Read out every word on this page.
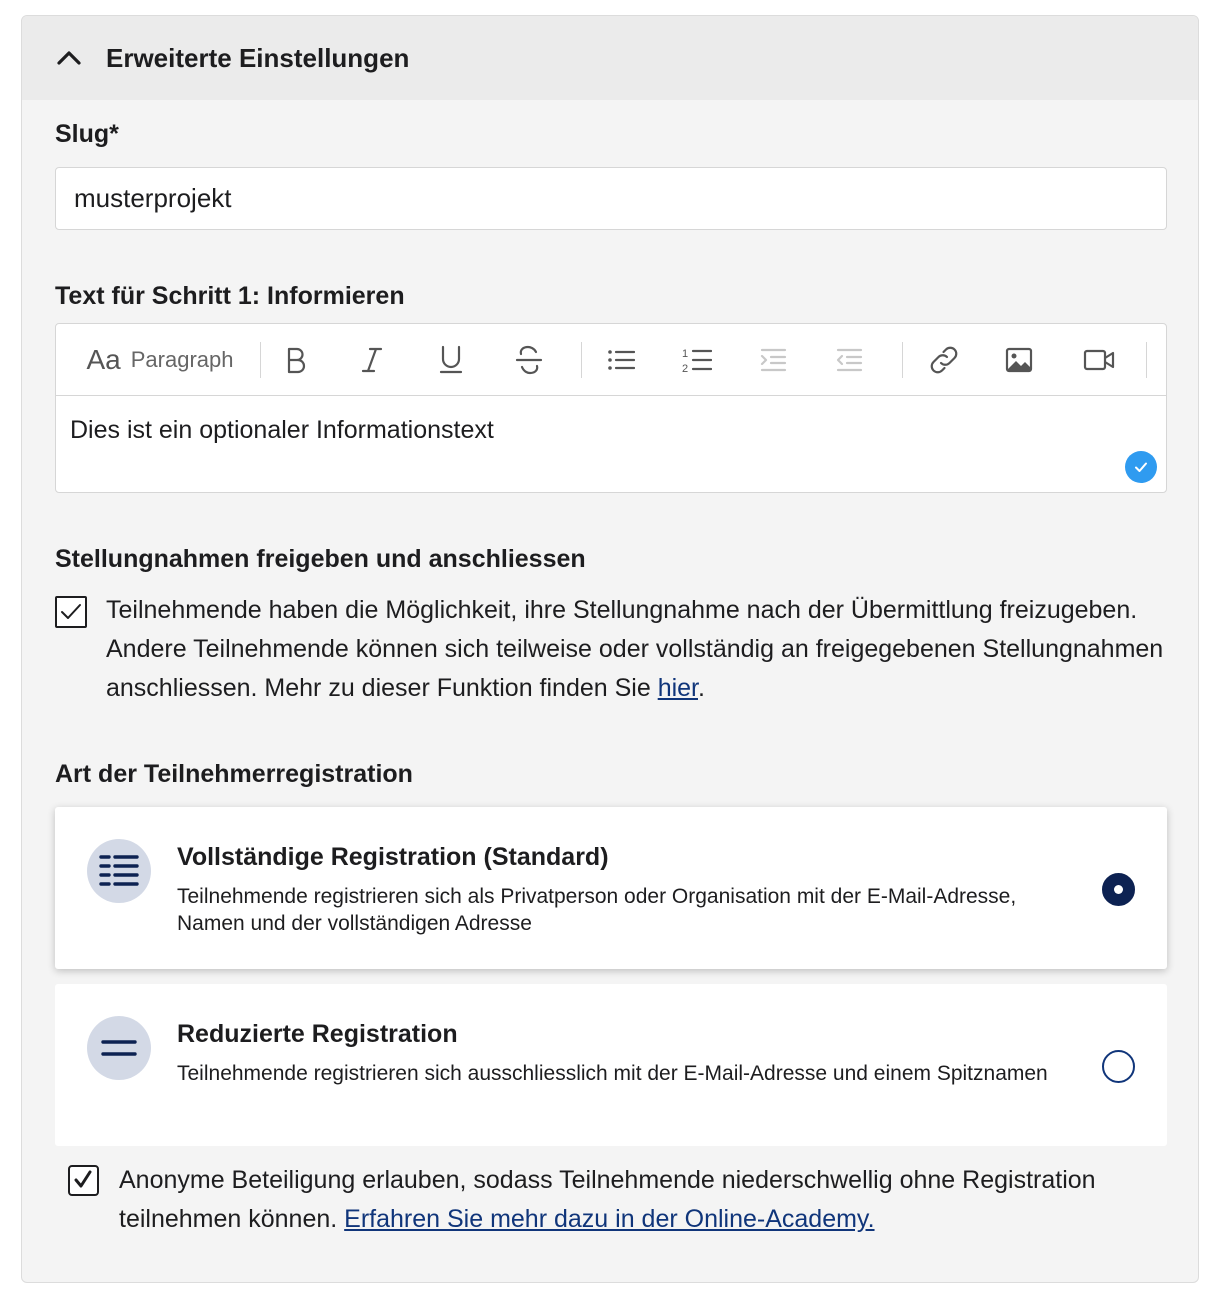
Erweiterte Einstellungen
Slug*
musterprojekt
Text für Schritt 1: Informieren
Aa Paragraph	1
2
Dies ist ein optionaler Informationstext
Stellungnahmen freigeben und anschliessen
Teilnehmende haben die Möglichkeit, ihre Stellungnahme nach der Übermittlung freizugeben. Andere Teilnehmende können sich teilweise oder vollständig an freigegebenen Stellungnahmen anschliessen. Mehr zu dieser Funktion finden Sie hier.
Art der Teilnehmerregistration
Vollständige Registration (Standard)
Teilnehmende registrieren sich als Privatperson oder Organisation mit der E-Mail-Adresse, Namen und der vollständigen Adresse
Reduzierte Registration
Teilnehmende registrieren sich ausschliesslich mit der E-Mail-Adresse und einem Spitznamen
Anonyme Beteiligung erlauben, sodass Teilnehmende niederschwellig ohne Registration teilnehmen können. Erfahren Sie mehr dazu in der Online-Academy.
